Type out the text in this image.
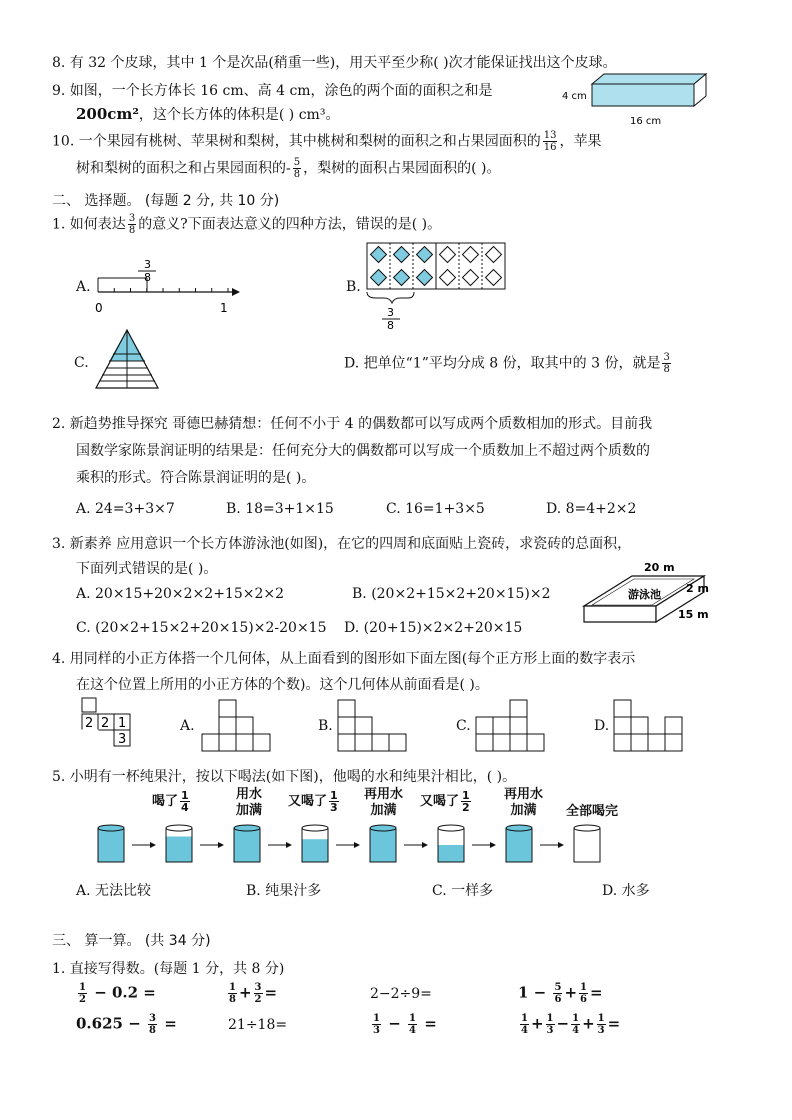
8. 有 32 个皮球，其中 1 个是次品(稍重一些)，用天平至少称( )次才能保证找出这个皮球。
9. 如图，一个长方体长 16 cm、高 4 cm，涂色的两个面的面积之和是
200cm²，这个长方体的体积是( ) cm³。
4 cm
16 cm
10. 一个果园有桃树、苹果树和梨树，其中桃树和梨树的面积之和占果园面积的 $\frac{13}{16}$ ，苹果
树和梨树的面积之和占果园面积的- $\frac{5}{8}$ ，梨树的面积占果园面积的( )。
二、 选择题。 (每题 2 分, 共 10 分)
1. 如何表达 $\frac{3}{8}$ 的意义?下面表达意义的四种方法，错误的是( )。
A.
3
8
0	1
B.
3
8
C.	D. 把单位“1”平均分成 8 份，取其中的 3 份，就是 $\frac{3}{8}$
2. 新趋势推导探究 哥德巴赫猜想：任何不小于 4 的偶数都可以写成两个质数相加的形式。目前我
国数学家陈景润证明的结果是：任何充分大的偶数都可以写成一个质数加上不超过两个质数的
乘积的形式。符合陈景润证明的是( )。
A. 24=3+3×7	B. 18=3+1×15	C. 16=1+3×5	D. 8=4+2×2
3. 新素养 应用意识一个长方体游泳池(如图)，在它的四周和底面贴上瓷砖，求瓷砖的总面积，
下面列式错误的是( )。
A. 20×15+20×2×2+15×2×2	B. (20×2+15×2+20×15)×2
C. (20×2+15×2+20×15)×2-20×15 D. (20+15)×2×2+20×15
20 m
2 m
15 m
游泳池
4. 用同样的小正方体搭一个几何体，从上面看到的图形如下面左图(每个正方形上面的数字表示
在这个位置上所用的小正方体的个数)。这个几何体从前面看是( )。
2 2 1
3
A.	B.	C.	D.
5. 小明有一杯纯果汁，按以下喝法(如下图)，他喝的水和纯果汁相比，( )。
喝了 $\frac{1}{4}$	用水
加满
又喝了 $\frac{1}{3}$ 再用水
加满
又喝了 $\frac{1}{2}$	再用水
加满	全部喝完
A. 无法比较	B. 纯果汁多	C. 一样多	D. 水多
三、 算一算。 (共 34 分)
1. 直接写得数。(每题 1 分，共 8 分)
$\frac{1}{2} - 0.2$ =	$\frac{1}{8} + \frac{3}{2}$ =	2−2÷9=	$1 - \frac{5}{6} + \frac{1}{6}$ =
$0.625 - \frac{3}{8}$ =	21÷18=	$\frac{1}{3} - \frac{1}{4}$ =	$\frac{1}{4} + \frac{1}{3} - \frac{1}{4} + \frac{1}{3}$ =
